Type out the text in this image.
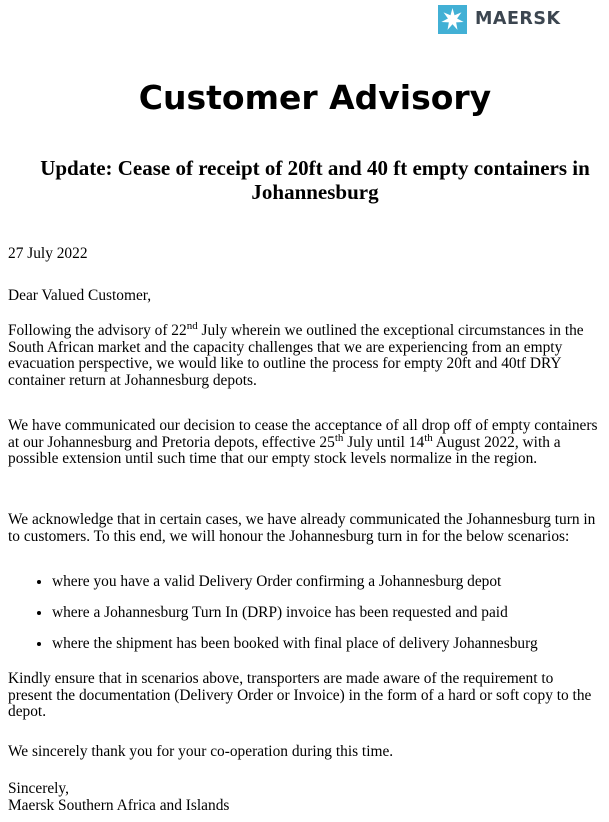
MAERSK
Customer Advisory
Update: Cease of receipt of 20ft and 40 ft empty containers in Johannesburg

27 July 2022

Dear Valued Customer,

Following the advisory of 22nd July wherein we outlined the exceptional circumstances in the South African market and the capacity challenges that we are experiencing from an empty evacuation perspective, we would like to outline the process for empty 20ft and 40tf DRY container return at Johannesburg depots.

We have communicated our decision to cease the acceptance of all drop off of empty containers at our Johannesburg and Pretoria depots, effective 25th July until 14th August 2022, with a possible extension until such time that our empty stock levels normalize in the region.

We acknowledge that in certain cases, we have already communicated the Johannesburg turn in to customers. To this end, we will honour the Johannesburg turn in for the below scenarios:

• where you have a valid Delivery Order confirming a Johannesburg depot
• where a Johannesburg Turn In (DRP) invoice has been requested and paid
• where the shipment has been booked with final place of delivery Johannesburg

Kindly ensure that in scenarios above, transporters are made aware of the requirement to present the documentation (Delivery Order or Invoice) in the form of a hard or soft copy to the depot.

We sincerely thank you for your co-operation during this time.

Sincerely,

Maersk Southern Africa and Islands
